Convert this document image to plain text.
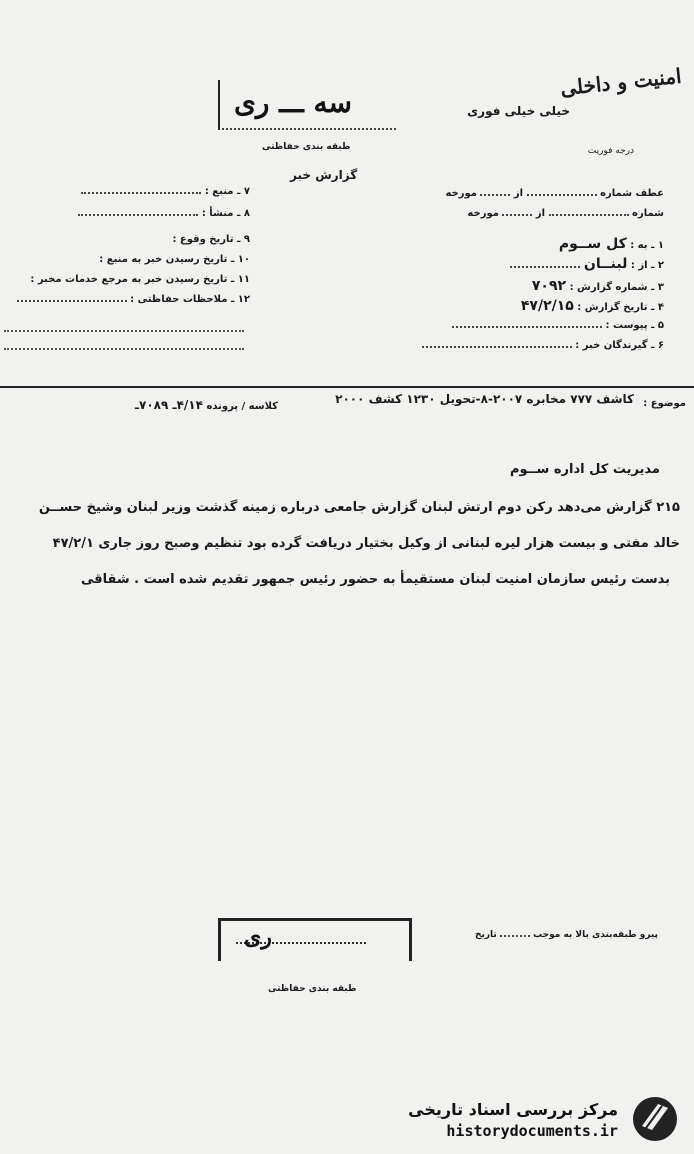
امنیت و داخلی
خیلی خیلی فوری
درجه فوریت
سه ـــ ری
طبقه بندی حفاظتی
گزارش خبر
۷ ـ منبع :
۸ ـ منشأ :
۹ ـ تاریخ وقوع :
۱۰ ـ تاریخ رسیدن خبر به منبع :
۱۱ ـ تاریخ رسیدن خبر به مرجع خدمات مخبر :
۱۲ ـ ملاحظات حفاظتی :
عطف شماره  از  مورخه
شماره  از  مورخه
۱ ـ به : کل ســوم
۲ ـ از : لبنــان
۳ ـ شماره گزارش : ۷۰۹۲
۴ ـ تاریخ گزارش : ۴۷/۲/۱۵
۵ ـ پیوست :
۶ ـ گیرندگان خبر :
موضوع :
کاشف ۷۷۷ مخابره ۲۰۰۷-۸-تحویل ۱۲۳۰ کشف ۲۰۰۰
کلاسه / پرونده ۴/۱۴ـ ۷۰۸۹ـ
مدیریت کل اداره ســوم
۲۱۵ گزارش می‌دهد رکن دوم ارتش لبنان گزارش جامعی درباره زمینه گذشت وزیر لبنان وشیخ حســن
خالد مفتی و بیست هزار لیره لبنانی از وکیل بختیار دریافت گرده بود تنظیم وصبح روز جاری ۴۷/۲/۱
بدست رئیس سازمان امنیت لبنان مستقیمأ به حضور رئیس جمهور تقدیم شده است . شقاقی
پیرو طبقه‌بندی بالا به موجب  تاریخ
ری
طبقه بندی حفاظتی
مرکز بررسی اسناد تاریخی
historydocuments.ir
